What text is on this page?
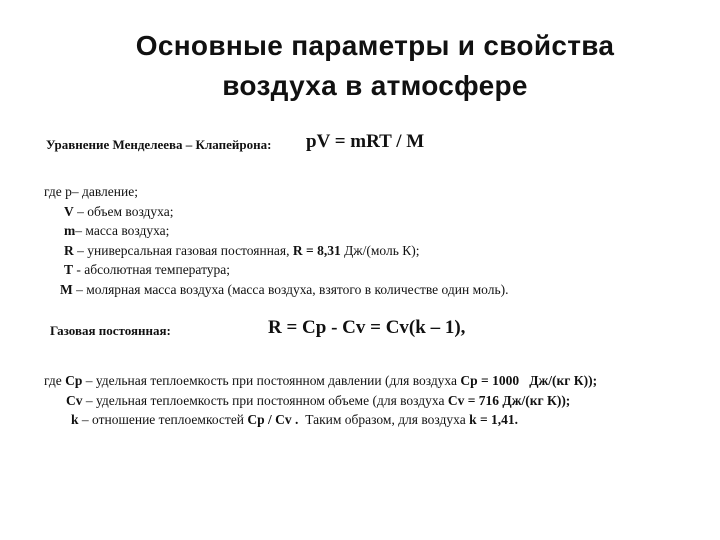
Основные параметры и свойства
воздуха в атмосфере
Уравнение Менделеева – Клапейрона: pV = mRT / M
где p– давление;
V – объем воздуха;
m– масса воздуха;
R – универсальная газовая постоянная, R = 8,31 Дж/(моль К);
T - абсолютная температура;
M – молярная масса воздуха (масса воздуха, взятого в количестве один моль).
Газовая постоянная:	R = Cp - Cv = Cv(k – 1),
где Cp – удельная теплоемкость при постоянном давлении (для воздуха Cp = 1000 Дж/(кг К));
Cv – удельная теплоемкость при постоянном объеме (для воздуха Cv = 716 Дж/(кг К));
k – отношение теплоемкостей Cp / Cv . Таким образом, для воздуха k = 1,41.
